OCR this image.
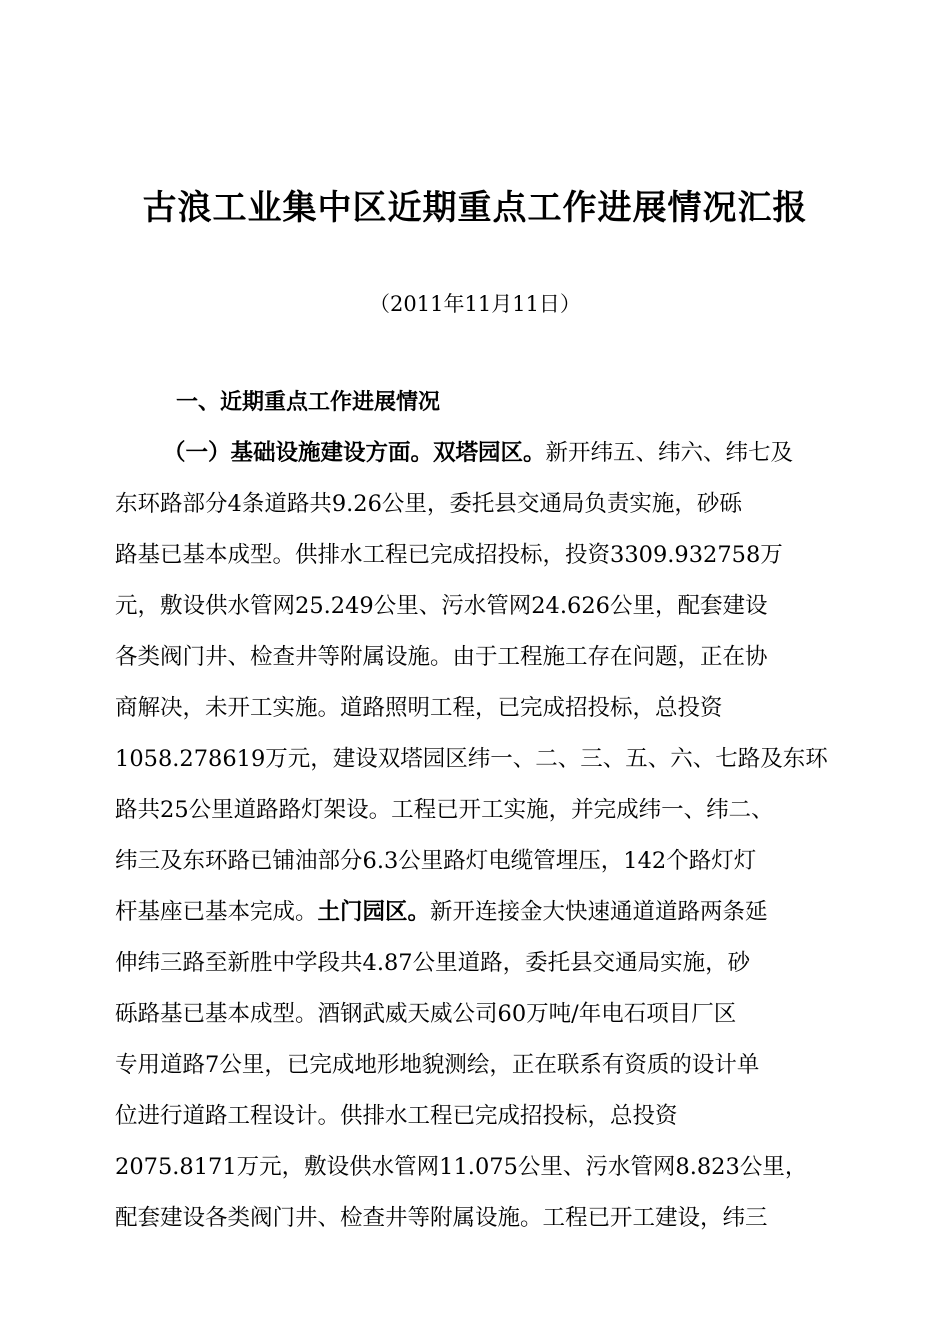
古浪工业集中区近期重点工作进展情况汇报
（2011年11月11日）
一、近期重点工作进展情况
（一）基础设施建设方面。双塔园区。新开纬五、纬六、纬七及
东环路部分4条道路共9.26公里，委托县交通局负责实施，砂砾
路基已基本成型。供排水工程已完成招投标，投资3309.932758万
元，敷设供水管网25.249公里、污水管网24.626公里，配套建设
各类阀门井、检查井等附属设施。由于工程施工存在问题，正在协
商解决，未开工实施。道路照明工程，已完成招投标，总投资
1058.278619万元，建设双塔园区纬一、二、三、五、六、七路及东环
路共25公里道路路灯架设。工程已开工实施，并完成纬一、纬二、
纬三及东环路已铺油部分6.3公里路灯电缆管埋压，142个路灯灯
杆基座已基本完成。土门园区。新开连接金大快速通道道路两条延
伸纬三路至新胜中学段共4.87公里道路，委托县交通局实施，砂
砾路基已基本成型。酒钢武威天威公司60万吨/年电石项目厂区
专用道路7公里，已完成地形地貌测绘，正在联系有资质的设计单
位进行道路工程设计。供排水工程已完成招投标，总投资
2075.8171万元，敷设供水管网11.075公里、污水管网8.823公里，
配套建设各类阀门井、检查井等附属设施。工程已开工建设，纬三
